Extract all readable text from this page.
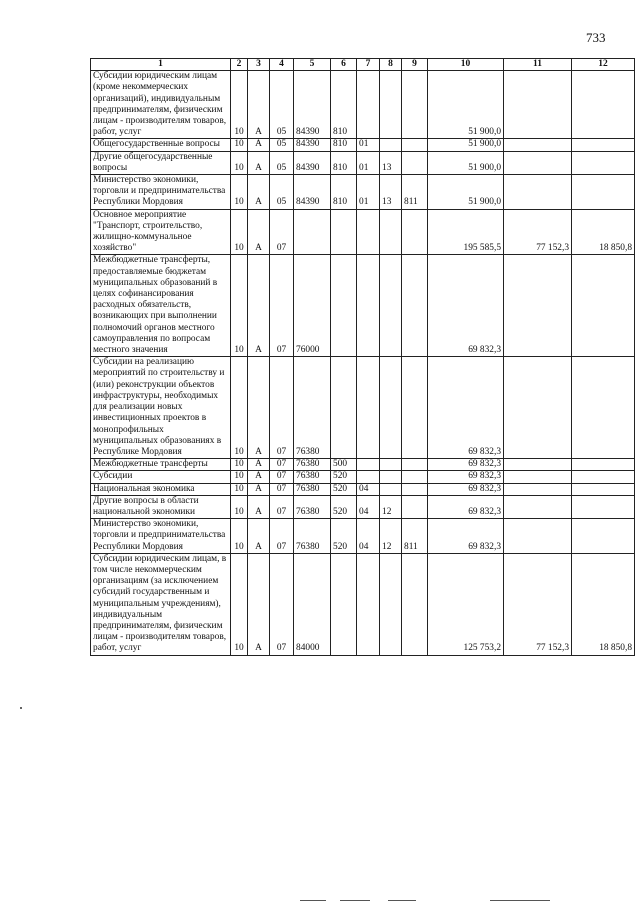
733
1	2	3	4	5	6	7	8	9	10	11	12
Субсидии юридическим лицам (кроме некоммерческих организаций), индивидуальным предпринимателям, физическим лицам - производителям товаров, работ, услуг	10	А	05	84390	810				51 900,0		
Общегосударственные вопросы	10	А	05	84390	810	01			51 900,0		
Другие общегосударственные вопросы	10	А	05	84390	810	01	13		51 900,0		
Министерство экономики, торговли и предпринимательства Республики Мордовия	10	А	05	84390	810	01	13	811	51 900,0		
Основное мероприятие "Транспорт, строительство, жилищно-коммунальное хозяйство"	10	А	07						195 585,5	77 152,3	18 850,8
Межбюджетные трансферты, предоставляемые бюджетам муниципальных образований в целях софинансирования расходных обязательств, возникающих при выполнении полномочий органов местного самоуправления по вопросам местного значения	10	А	07	76000					69 832,3		
Субсидии на реализацию мероприятий по строительству и (или) реконструкции объектов инфраструктуры, необходимых для реализации новых инвестиционных проектов в монопрофильных муниципальных образованиях в Республике Мордовия	10	А	07	76380					69 832,3		
Межбюджетные трансферты	10	А	07	76380	500				69 832,3		
Субсидии	10	А	07	76380	520				69 832,3		
Национальная экономика	10	А	07	76380	520	04			69 832,3		
Другие вопросы в области национальной экономики	10	А	07	76380	520	04	12		69 832,3		
Министерство экономики, торговли и предпринимательства Республики Мордовия	10	А	07	76380	520	04	12	811	69 832,3		
Субсидии юридическим лицам, в том числе некоммерческим организациям (за исключением субсидий государственным и муниципальным учреждениям), индивидуальным предпринимателям, физическим лицам - производителям товаров, работ, услуг	10	А	07	84000					125 753,2	77 152,3	18 850,8
